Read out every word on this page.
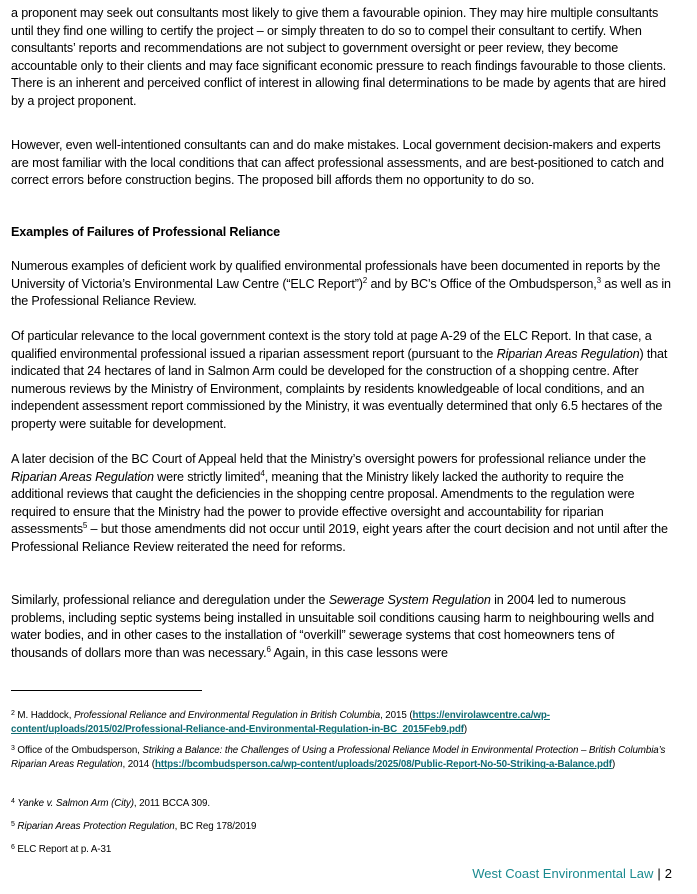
a proponent may seek out consultants most likely to give them a favourable opinion. They may hire multiple consultants until they find one willing to certify the project – or simply threaten to do so to compel their consultant to certify. When consultants’ reports and recommendations are not subject to government oversight or peer review, they become accountable only to their clients and may face significant economic pressure to reach findings favourable to those clients. There is an inherent and perceived conflict of interest in allowing final determinations to be made by agents that are hired by a project proponent.

However, even well-intentioned consultants can and do make mistakes. Local government decision-makers and experts are most familiar with the local conditions that can affect professional assessments, and are best-positioned to catch and correct errors before construction begins. The proposed bill affords them no opportunity to do so.

Examples of Failures of Professional Reliance

Numerous examples of deficient work by qualified environmental professionals have been documented in reports by the University of Victoria’s Environmental Law Centre (“ELC Report”)$^2$ and by BC’s Office of the Ombudsperson,$^3$ as well as in the Professional Reliance Review.

Of particular relevance to the local government context is the story told at page A-29 of the ELC Report. In that case, a qualified environmental professional issued a riparian assessment report (pursuant to the Riparian Areas Regulation) that indicated that 24 hectares of land in Salmon Arm could be developed for the construction of a shopping centre. After numerous reviews by the Ministry of Environment, complaints by residents knowledgeable of local conditions, and an independent assessment report commissioned by the Ministry, it was eventually determined that only 6.5 hectares of the property were suitable for development.

A later decision of the BC Court of Appeal held that the Ministry’s oversight powers for professional reliance under the Riparian Areas Regulation were strictly limited$^4$, meaning that the Ministry likely lacked the authority to require the additional reviews that caught the deficiencies in the shopping centre proposal. Amendments to the regulation were required to ensure that the Ministry had the power to provide effective oversight and accountability for riparian assessments$^5$ – but those amendments did not occur until 2019, eight years after the court decision and not until after the Professional Reliance Review reiterated the need for reforms.

Similarly, professional reliance and deregulation under the Sewerage System Regulation in 2004 led to numerous problems, including septic systems being installed in unsuitable soil conditions causing harm to neighbouring wells and water bodies, and in other cases to the installation of “overkill” sewerage systems that cost homeowners tens of thousands of dollars more than was necessary.$^6$ Again, in this case lessons were

$^2$ M. Haddock, Professional Reliance and Environmental Regulation in British Columbia, 2015 (https://envirolawcentre.ca/wp-content/uploads/2015/02/Professional-Reliance-and-Environmental-Regulation-in-BC_2015Feb9.pdf)
$^3$ Office of the Ombudsperson, Striking a Balance: the Challenges of Using a Professional Reliance Model in Environmental Protection – British Columbia’s Riparian Areas Regulation, 2014 (https://bcombudsperson.ca/wp-content/uploads/2025/08/Public-Report-No-50-Striking-a-Balance.pdf)
$^4$ Yanke v. Salmon Arm (City), 2011 BCCA 309.
$^5$ Riparian Areas Protection Regulation, BC Reg 178/2019
$^6$ ELC Report at p. A-31
West Coast Environmental Law | 2
